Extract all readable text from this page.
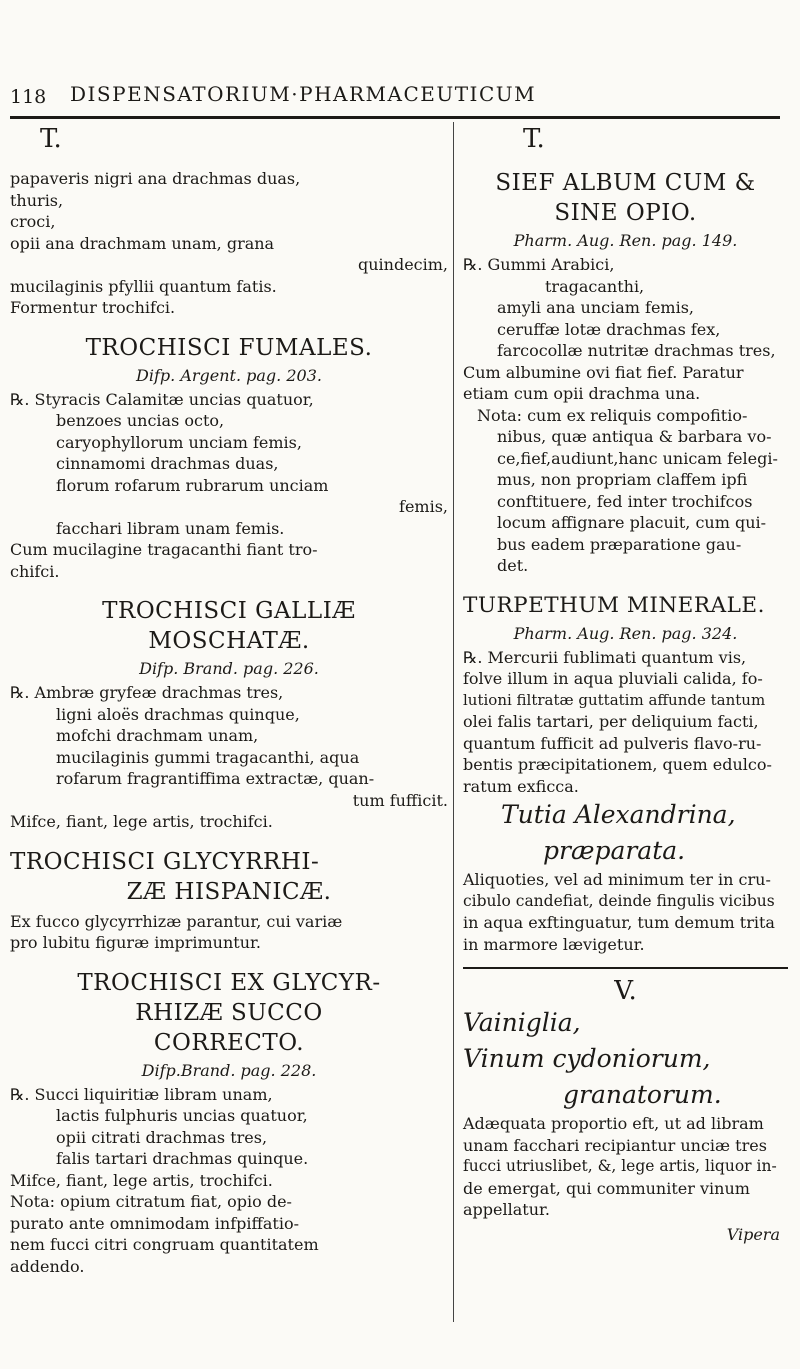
118 DISPENSATORIUM·PHARMACEUTICUM
T.
papaveris nigri ana drachmas duas,
thuris,
croci,
opii ana drachmam unam, grana
quindecim,
mucilaginis pfyllii quantum fatis.
Formentur trochifci.
TROCHISCI FUMALES.
Difp. Argent. pag. 203.
℞. Styracis Calamitæ uncias quatuor,
benzoes uncias octo,
caryophyllorum unciam femis,
cinnamomi drachmas duas,
florum rofarum rubrarum unciam
femis,
facchari libram unam femis.
Cum mucilagine tragacanthi fiant tro-
chifci.
TROCHISCI GALLIÆ
MOSCHATÆ.
Difp. Brand. pag. 226.
℞. Ambræ gryfeæ drachmas tres,
ligni aloës drachmas quinque,
mofchi drachmam unam,
mucilaginis gummi tragacanthi, aqua
rofarum fragrantiffima extractæ, quan-
tum fufficit.
Mifce, fiant, lege artis, trochifci.
TROCHISCI GLYCYRRHI-
ZÆ HISPANICÆ.
Ex fucco glycyrrhizæ parantur, cui variæ
pro lubitu figuræ imprimuntur.
TROCHISCI EX GLYCYR-
RHIZÆ SUCCO
CORRECTO.
Difp.Brand. pag. 228.
℞. Succi liquiritiæ libram unam,
lactis fulphuris uncias quatuor,
opii citrati drachmas tres,
falis tartari drachmas quinque.
Mifce, fiant, lege artis, trochifci.
Nota: opium citratum fiat, opio de-
purato ante omnimodam infpiffatio-
nem fucci citri congruam quantitatem
addendo.
T.
SIEF ALBUM CUM &
SINE OPIO.
Pharm. Aug. Ren. pag. 149.
℞. Gummi Arabici,
tragacanthi,
amyli ana unciam femis,
ceruffæ lotæ drachmas fex,
farcocollæ nutritæ drachmas tres,
Cum albumine ovi fiat fief. Paratur
etiam cum opii drachma una.
Nota: cum ex reliquis compofitio-
nibus, quæ antiqua & barbara vo-
ce,fief,audiunt,hanc unicam felegi-
mus, non propriam claffem ipfi
conftituere, fed inter trochifcos
locum affignare placuit, cum qui-
bus eadem præparatione gau-
det.
TURPETHUM MINERALE.
Pharm. Aug. Ren. pag. 324.
℞. Mercurii fublimati quantum vis,
folve illum in aqua pluviali calida, fo-
lutioni filtratæ guttatim affunde tantum
olei falis tartari, per deliquium facti,
quantum fufficit ad pulveris flavo-ru-
bentis præcipitationem, quem edulco-
ratum exficca.
Tutia Alexandrina,
præparata.
Aliquoties, vel ad minimum ter in cru-
cibulo candefiat, deinde fingulis vicibus
in aqua exftinguatur, tum demum trita
in marmore lævigetur.
V.
Vainiglia,
Vinum cydoniorum,
granatorum.
Adæquata proportio eft, ut ad libram
unam facchari recipiantur unciæ tres
fucci utriuslibet, &, lege artis, liquor in-
de emergat, qui communiter vinum
appellatur.
Vipera
